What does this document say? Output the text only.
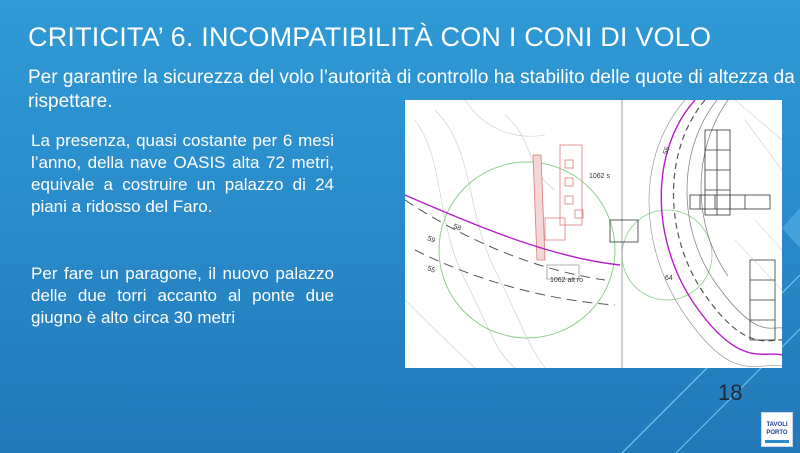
CRITICITA’ 6. INCOMPATIBILITÀ CON I CONI DI VOLO

Per garantire la sicurezza del volo l’autorità di controllo ha stabilito delle quote di altezza da rispettare.

La presenza, quasi costante per 6 mesi l’anno, della nave OASIS alta 72 metri, equivale a costruire un palazzo di 24 piani a ridosso del Faro.

Per fare un paragone, il nuovo palazzo delle due torri accanto al ponte due giugno è alto circa 30 metri

1062 s
1062 alt ro
58
59
55
55
64
18
TAVOLI
PORTO
